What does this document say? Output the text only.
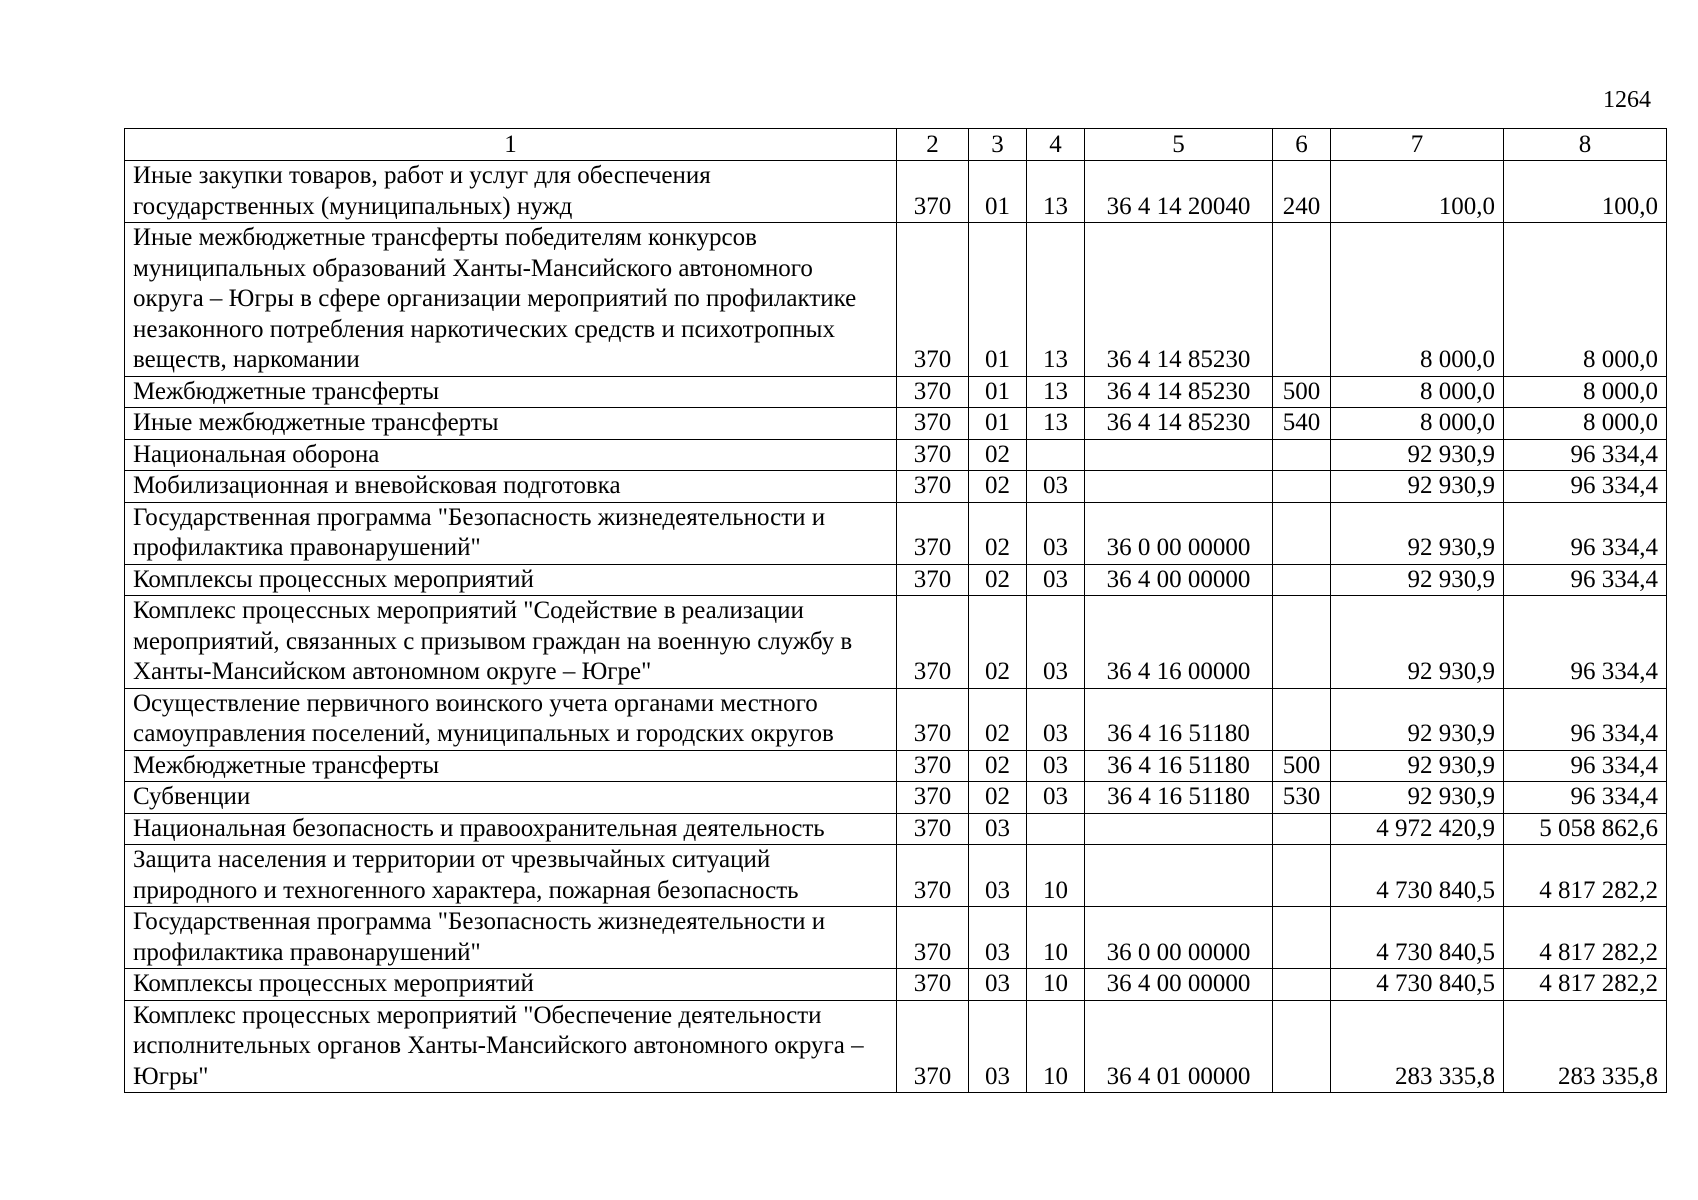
1264
1	2	3	4	5	6	7	8
Иные закупки товаров, работ и услуг для обеспечения государственных (муниципальных) нужд	370	01	13	36 4 14 20040	240	100,0	100,0
Иные межбюджетные трансферты победителям конкурсов муниципальных образований Ханты-Мансийского автономного округа – Югры в сфере организации мероприятий по профилактике незаконного потребления наркотических средств и психотропных веществ, наркомании	370	01	13	36 4 14 85230		8 000,0	8 000,0
Межбюджетные трансферты	370	01	13	36 4 14 85230	500	8 000,0	8 000,0
Иные межбюджетные трансферты	370	01	13	36 4 14 85230	540	8 000,0	8 000,0
Национальная оборона	370	02				92 930,9	96 334,4
Мобилизационная и вневойсковая подготовка	370	02	03			92 930,9	96 334,4
Государственная программа "Безопасность жизнедеятельности и профилактика правонарушений"	370	02	03	36 0 00 00000		92 930,9	96 334,4
Комплексы процессных мероприятий	370	02	03	36 4 00 00000		92 930,9	96 334,4
Комплекс процессных мероприятий "Содействие в реализации мероприятий, связанных с призывом граждан на военную службу в Ханты-Мансийском автономном округе – Югре"	370	02	03	36 4 16 00000		92 930,9	96 334,4
Осуществление первичного воинского учета органами местного самоуправления поселений, муниципальных и городских округов	370	02	03	36 4 16 51180		92 930,9	96 334,4
Межбюджетные трансферты	370	02	03	36 4 16 51180	500	92 930,9	96 334,4
Субвенции	370	02	03	36 4 16 51180	530	92 930,9	96 334,4
Национальная безопасность и правоохранительная деятельность	370	03				4 972 420,9	5 058 862,6
Защита населения и территории от чрезвычайных ситуаций природного и техногенного характера, пожарная безопасность	370	03	10			4 730 840,5	4 817 282,2
Государственная программа "Безопасность жизнедеятельности и профилактика правонарушений"	370	03	10	36 0 00 00000		4 730 840,5	4 817 282,2
Комплексы процессных мероприятий	370	03	10	36 4 00 00000		4 730 840,5	4 817 282,2
Комплекс процессных мероприятий "Обеспечение деятельности исполнительных органов Ханты-Мансийского автономного округа – Югры"	370	03	10	36 4 01 00000		283 335,8	283 335,8
